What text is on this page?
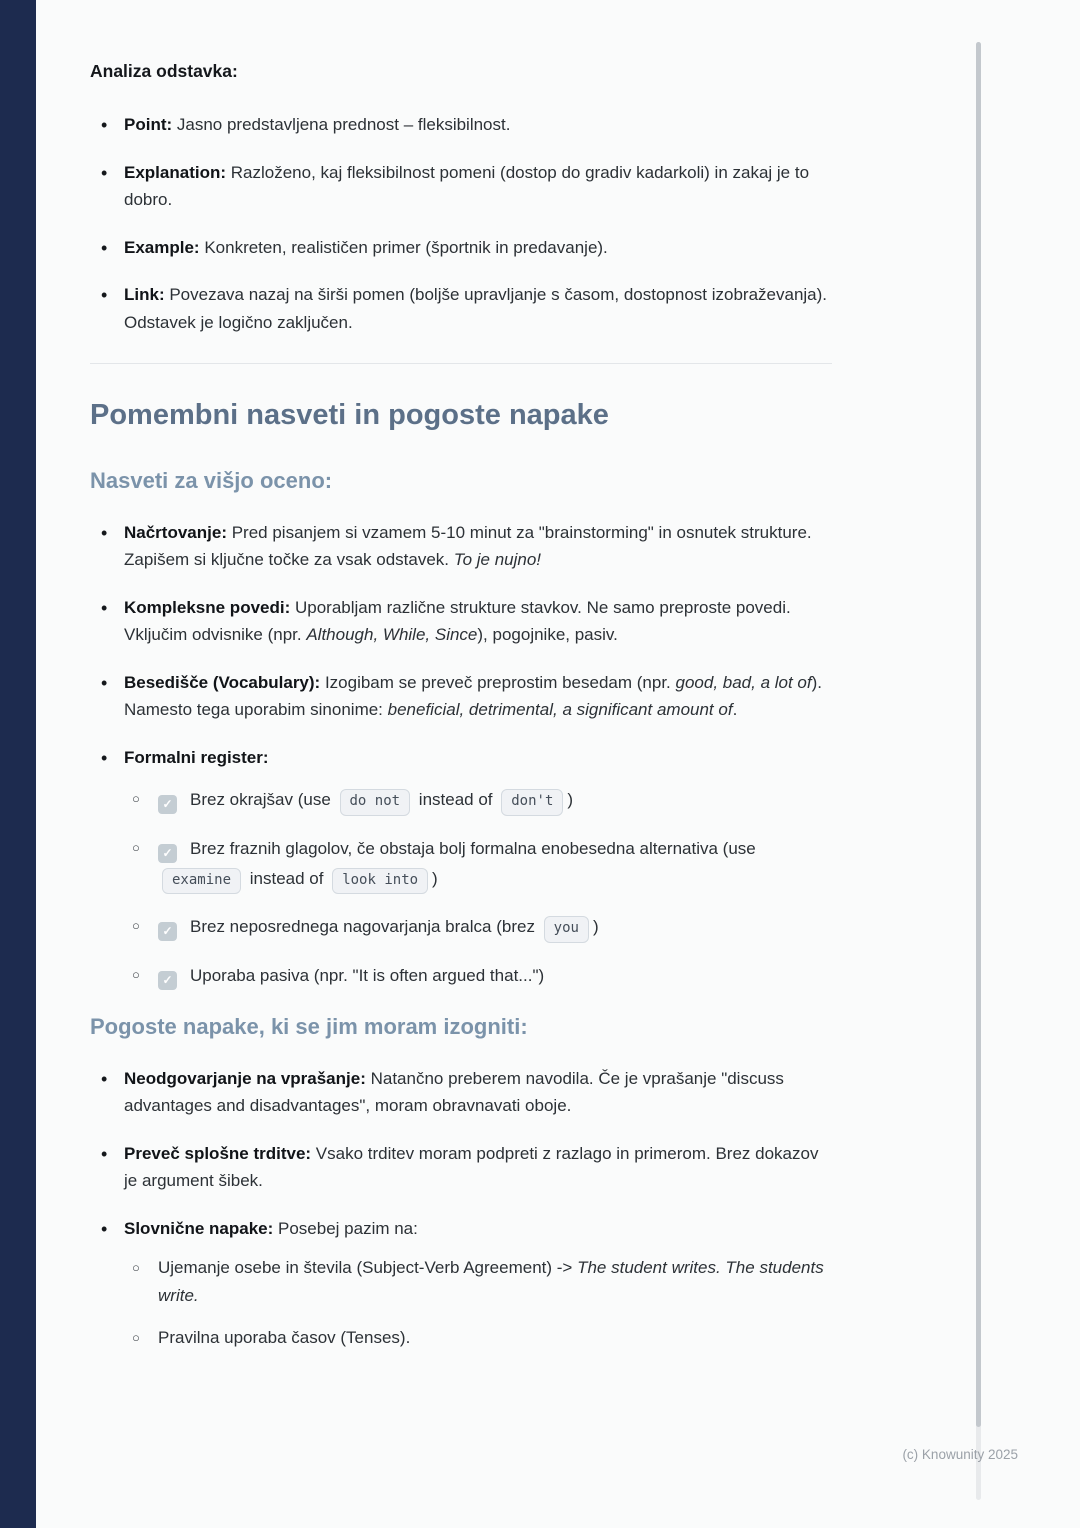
Analiza odstavka:
• Point: Jasno predstavljena prednost – fleksibilnost.
• Explanation: Razloženo, kaj fleksibilnost pomeni (dostop do gradiv kadarkoli) in zakaj je to dobro.
• Example: Konkreten, realističen primer (športnik in predavanje).
• Link: Povezava nazaj na širši pomen (boljše upravljanje s časom, dostopnost izobraževanja). Odstavek je logično zaključen.
Pomembni nasveti in pogoste napake
Nasveti za višjo oceno:
• Načrtovanje: Pred pisanjem si vzamem 5-10 minut za "brainstorming" in osnutek strukture. Zapišem si ključne točke za vsak odstavek. To je nujno!
• Kompleksne povedi: Uporabljam različne strukture stavkov. Ne samo preproste povedi. Vključim odvisnike (npr. Although, While, Since), pogojnike, pasiv.
• Besedišče (Vocabulary): Izogibam se preveč preprostim besedam (npr. good, bad, a lot of). Namesto tega uporabim sinonime: beneficial, detrimental, a significant amount of.
• Formalni register:
✓○ Brez okrajšav (use do not instead of don't )
✓○ Brez fraznih glagolov, če obstaja bolj formalna enobesedna alternativa (use examine instead of look into )
✓○ Brez neposrednega nagovarjanja bralca (brez you )
✓○ Uporaba pasiva (npr. "It is often argued that...")
Pogoste napake, ki se jim moram izogniti:
• Neodgovarjanje na vprašanje: Natančno preberem navodila. Če je vprašanje "discuss advantages and disadvantages", moram obravnavati oboje.
• Preveč splošne trditve: Vsako trditev moram podpreti z razlago in primerom. Brez dokazov je argument šibek.
• Slovnične napake: Posebej pazim na:
○ Ujemanje osebe in števila (Subject-Verb Agreement) -> The student writes. The students write.
○ Pravilna uporaba časov (Tenses).
(c) Knowunity 2025
